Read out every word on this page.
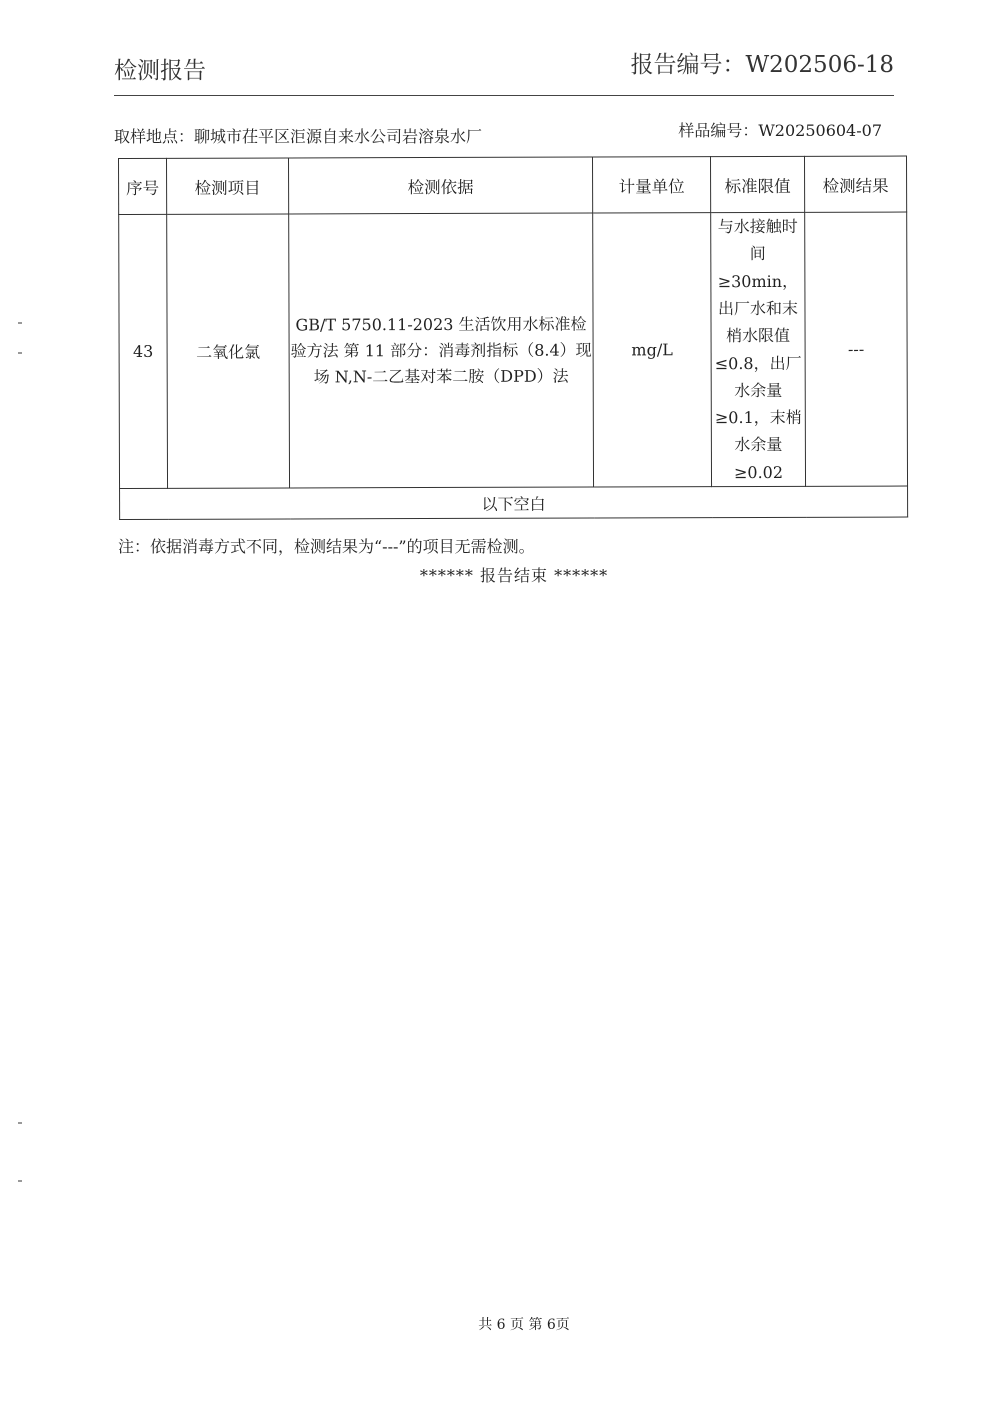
检测报告	报告编号：W202506-18
取样地点：聊城市茌平区洰源自来水公司岩溶泉水厂	样品编号：W20250604-07
序号	检测项目	检测依据	计量单位	标准限值	检测结果
43	二氧化氯	GB/T 5750.11-2023 生活饮用水标准检验方法 第 11 部分：消毒剂指标（8.4）现场 N,N-二乙基对苯二胺（DPD）法	mg/L	与水接触时间≥30min，出厂水和末梢水限值≤0.8，出厂水余量≥0.1，末梢水余量≥0.02	---
以下空白					
注：依据消毒方式不同，检测结果为“---”的项目无需检测。
****** 报告结束 ******
共 6 页 第 6页
